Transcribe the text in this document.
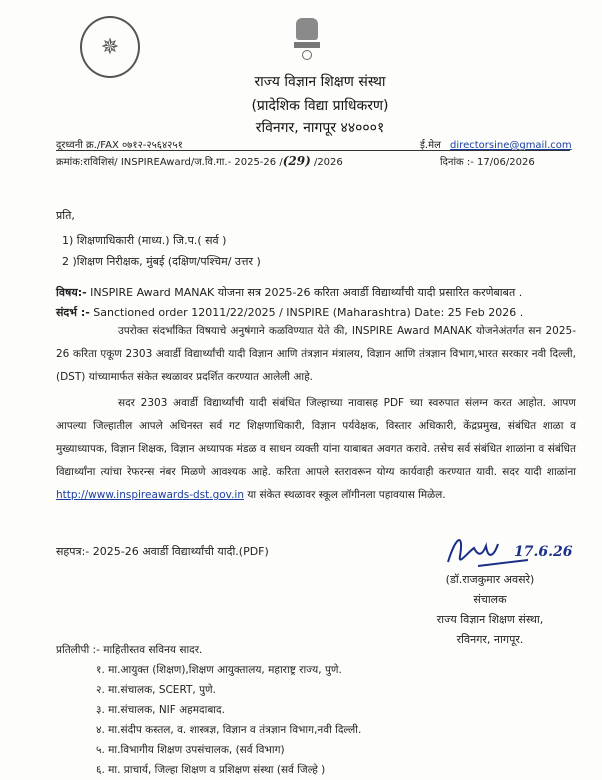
✵
राज्य विज्ञान शिक्षण संस्था
(प्रादेशिक विद्या प्राधिकरण)
रविनगर, नागपूर ४४०००१
दूरध्वनी क्र./FAX ०७१२-२५६४२५१	ई.मेल directorsine@gmail.com
क्रमांक:राविशिसं/ INSPIREAward/ज.वि.गा.- 2025-26 /(29) /2026	दिनांक :- 17/06/2026
प्रति,
1) शिक्षणाधिकारी (माध्य.) जि.प.( सर्व )
2 )शिक्षण निरीक्षक, मुंबई (दक्षिण/पश्चिम/ उत्तर )
विषय:- INSPIRE Award MANAK योजना सत्र 2025-26 करिता अवार्डी विद्यार्थ्यांची यादी प्रसारित करणेबाबत .
संदर्भ :- Sanctioned order 12011/22/2025 / INSPIRE (Maharashtra) Date: 25 Feb 2026 .
उपरोक्त संदर्भांकित विषयाचे अनुषंगाने कळविण्यात येते की, INSPIRE Award MANAK योजनेअंतर्गत सन 2025-26 करिता एकूण 2303 अवार्डी विद्यार्थ्यांची यादी विज्ञान आणि तंत्रज्ञान मंत्रालय, विज्ञान आणि तंत्रज्ञान विभाग,भारत सरकार नवी दिल्ली,(DST) यांच्यामार्फत संकेत स्थळावर प्रदर्शित करण्यात आलेली आहे.
सदर 2303 अवार्डी विद्यार्थ्यांची यादी संबंधित जिल्हाच्या नावासह PDF च्या स्वरुपात संलग्न करत आहोत. आपण आपल्या जिल्हातील आपले अधिनस्त सर्व गट शिक्षणाधिकारी, विज्ञान पर्यवेक्षक, विस्तार अधिकारी, केंद्रप्रमुख, संबंधित शाळा व मुख्याध्यापक, विज्ञान शिक्षक, विज्ञान अध्यापक मंडळ व साधन व्यक्ती यांना याबाबत अवगत करावे. तसेच सर्व संबंधित शाळांना व संबंधित विद्यार्थ्यांना त्यांचा रेफरन्स नंबर मिळणे आवश्यक आहे. करिता आपले स्तरावरून योग्य कार्यवाही करण्यात यावी. सदर यादी शाळांना http://www.inspireawards-dst.gov.in या संकेत स्थळावर स्कूल लॉगीनला पहावयास मिळेल.
सहपत्र:- 2025-26 अवार्डी विद्यार्थ्यांची यादी.(PDF)	17.6.26
(डॉ.राजकुमार अवसरे)
संचालक
राज्य विज्ञान शिक्षण संस्था,
रविनगर, नागपूर.
प्रतिलीपी :- माहितीस्तव सविनय सादर.
१. मा.आयुक्त (शिक्षण),शिक्षण आयुक्तालय, महाराष्ट्र राज्य, पुणे.
२. मा.संचालक, SCERT, पुणे.
३. मा.संचालक, NIF अहमदाबाद.
४. मा.संदीप कस्तल, व. शास्त्रज्ञ, विज्ञान व तंत्रज्ञान विभाग,नवी दिल्ली.
५. मा.विभागीय शिक्षण उपसंचालक, (सर्व विभाग)
६. मा. प्राचार्य, जिल्हा शिक्षण व प्रशिक्षण संस्था (सर्व जिल्हे )
